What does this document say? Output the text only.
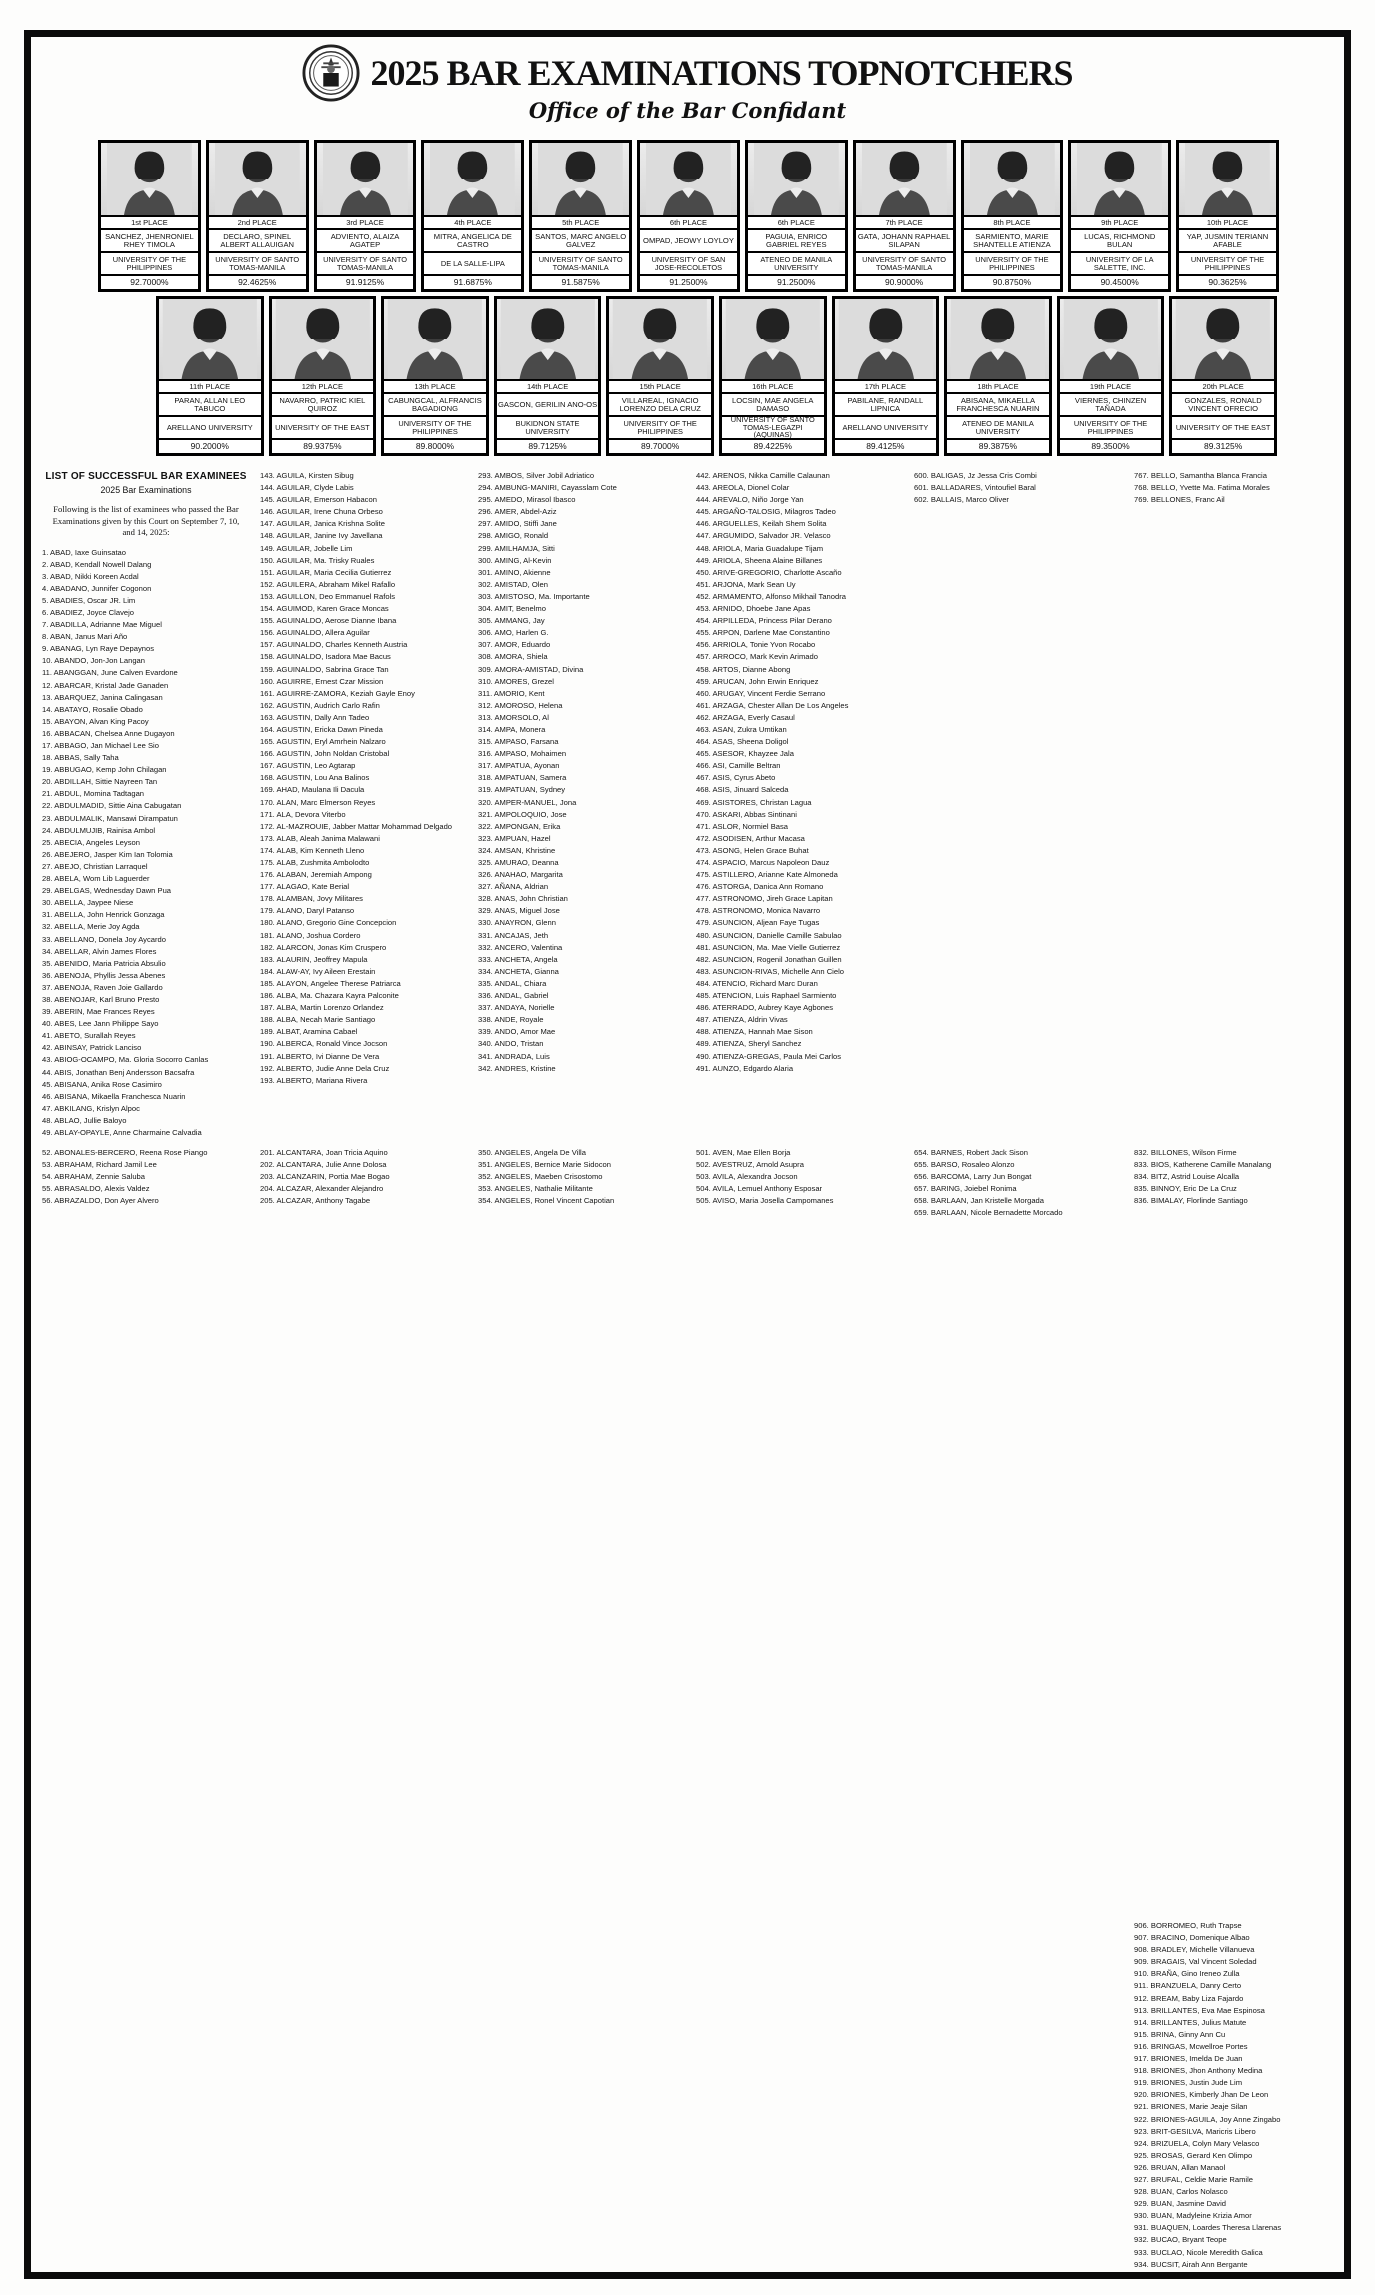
2025 BAR EXAMINATIONS TOPNOTCHERS
Office of the Bar Confidant
1st PLACE
SANCHEZ, JHENRONIEL RHEY TIMOLA
UNIVERSITY OF THE PHILIPPINES
92.7000%
2nd PLACE
DECLARO, SPINEL ALBERT ALLAUIGAN
UNIVERSITY OF SANTO TOMAS-MANILA
92.4625%
3rd PLACE
ADVIENTO, ALAIZA AGATEP
UNIVERSITY OF SANTO TOMAS-MANILA
91.9125%
4th PLACE
MITRA, ANGELICA DE CASTRO
DE LA SALLE-LIPA
91.6875%
5th PLACE
SANTOS, MARC ANGELO GALVEZ
UNIVERSITY OF SANTO TOMAS-MANILA
91.5875%
6th PLACE
OMPAD, JEOWY LOYLOY
UNIVERSITY OF SAN JOSE-RECOLETOS
91.2500%
6th PLACE
PAGUIA, ENRICO GABRIEL REYES
ATENEO DE MANILA UNIVERSITY
91.2500%
7th PLACE
GATA, JOHANN RAPHAEL SILAPAN
UNIVERSITY OF SANTO TOMAS-MANILA
90.9000%
8th PLACE
SARMIENTO, MARIE SHANTELLE ATIENZA
UNIVERSITY OF THE PHILIPPINES
90.8750%
9th PLACE
LUCAS, RICHMOND BULAN
UNIVERSITY OF LA SALETTE, INC.
90.4500%
10th PLACE
YAP, JUSMIN TERIANN AFABLE
UNIVERSITY OF THE PHILIPPINES
90.3625%
11th PLACE
PARAN, ALLAN LEO TABUCO
ARELLANO UNIVERSITY
90.2000%
12th PLACE
NAVARRO, PATRIC KIEL QUIROZ
UNIVERSITY OF THE EAST
89.9375%
13th PLACE
CABUNGCAL, ALFRANCIS BAGADIONG
UNIVERSITY OF THE PHILIPPINES
89.8000%
14th PLACE
GASCON, GERILIN ANO-OS
BUKIDNON STATE UNIVERSITY
89.7125%
15th PLACE
VILLAREAL, IGNACIO LORENZO DELA CRUZ
UNIVERSITY OF THE PHILIPPINES
89.7000%
16th PLACE
LOCSIN, MAE ANGELA DAMASO
UNIVERSITY OF SANTO TOMAS-LEGAZPI (AQUINAS)
89.4225%
17th PLACE
PABILANE, RANDALL LIPNICA
ARELLANO UNIVERSITY
89.4125%
18th PLACE
ABISANA, MIKAELLA FRANCHESCA NUARIN
ATENEO DE MANILA UNIVERSITY
89.3875%
19th PLACE
VIERNES, CHINZEN TAÑADA
UNIVERSITY OF THE PHILIPPINES
89.3500%
20th PLACE
GONZALES, RONALD VINCENT OFRECIO
UNIVERSITY OF THE EAST
89.3125%
LIST OF SUCCESSFUL BAR EXAMINEES
2025 Bar Examinations
Following is the list of examinees who passed the Bar Examinations given by this Court on September 7, 10, and 14, 2025:
1. ABAD, Iaxe Guinsatao
2. ABAD, Kendall Nowell Dalang
3. ABAD, Nikki Koreen Acdal
4. ABADANO, Junnifer Cogonon
5. ABADIES, Oscar JR. Lim
6. ABADIEZ, Joyce Clavejo
7. ABADILLA, Adrianne Mae Miguel
8. ABAN, Janus Mari Año
9. ABANAG, Lyn Raye Depaynos
10. ABANDO, Jon-Jon Langan
11. ABANGGAN, June Calven Evardone
12. ABARCAR, Kristal Jade Ganaden
13. ABARQUEZ, Janina Calingasan
14. ABATAYO, Rosalie Obado
15. ABAYON, Alvan King Pacoy
16. ABBACAN, Chelsea Anne Dugayon
17. ABBAGO, Jan Michael Lee Sio
18. ABBAS, Sally Taha
19. ABBUGAO, Kemp John Chilagan
20. ABDILLAH, Sittie Nayreen Tan
21. ABDUL, Momina Tadtagan
22. ABDULMADID, Sittie Aina Cabugatan
23. ABDULMALIK, Mansawi Dirampatun
24. ABDULMUJIB, Rainisa Ambol
25. ABECIA, Angeles Leyson
26. ABEJERO, Jasper Kim Ian Tolomia
27. ABEJO, Christian Larraquel
28. ABELA, Wom Lib Laguerder
29. ABELGAS, Wednesday Dawn Pua
30. ABELLA, Jaypee Niese
31. ABELLA, John Henrick Gonzaga
32. ABELLA, Merie Joy Agda
33. ABELLANO, Donela Joy Aycardo
34. ABELLAR, Alvin James Flores
35. ABENIDO, Maria Patricia Absulio
36. ABENOJA, Phyllis Jessa Abenes
37. ABENOJA, Raven Joie Gallardo
38. ABENOJAR, Karl Bruno Presto
39. ABERIN, Mae Frances Reyes
40. ABES, Lee Jann Philippe Sayo
41. ABETO, Surallah Reyes
42. ABINSAY, Patrick Lanciso
43. ABIOG-OCAMPO, Ma. Gloria Socorro Canlas
44. ABIS, Jonathan Benj Andersson Bacsafra
45. ABISANA, Anika Rose Casimiro
46. ABISANA, Mikaella Franchesca Nuarin
47. ABKILANG, Krislyn Alpoc
48. ABLAO, Jullie Baloyo
49. ABLAY-OPAYLE, Anne Charmaine Calvadia
52. ABONALES-BERCERO, Reena Rose Piango
53. ABRAHAM, Richard Jamil Lee
54. ABRAHAM, Zennie Saluba
55. ABRASALDO, Alexis Valdez
56. ABRAZALDO, Don Ayer Alvero
143. AGUILA, Kirsten Sibug
144. AGUILAR, Clyde Labis
145. AGUILAR, Emerson Habacon
146. AGUILAR, Irene Chuna Orbeso
147. AGUILAR, Janica Krishna Solite
148. AGUILAR, Janine Ivy Javellana
149. AGUILAR, Jobelle Lim
150. AGUILAR, Ma. Trisky Ruales
151. AGUILAR, Maria Cecilia Gutierrez
152. AGUILERA, Abraham Mikel Rafallo
153. AGUILLON, Deo Emmanuel Rafols
154. AGUIMOD, Karen Grace Moncas
155. AGUINALDO, Aerose Dianne Ibana
156. AGUINALDO, Allera Aguilar
157. AGUINALDO, Charles Kenneth Austria
158. AGUINALDO, Isadora Mae Bacus
159. AGUINALDO, Sabrina Grace Tan
160. AGUIRRE, Ernest Czar Mission
161. AGUIRRE-ZAMORA, Keziah Gayle Enoy
162. AGUSTIN, Audrich Carlo Rafin
163. AGUSTIN, Dally Ann Tadeo
164. AGUSTIN, Ericka Dawn Pineda
165. AGUSTIN, Eryl Amrhein Nalzaro
166. AGUSTIN, John Noldan Cristobal
167. AGUSTIN, Leo Agtarap
168. AGUSTIN, Lou Ana Balinos
169. AHAD, Maulana Ili Dacula
170. ALAN, Marc Elmerson Reyes
171. ALA, Devora Viterbo
172. AL-MAZROUIE, Jabber Mattar Mohammad Delgado
173. ALAB, Aleah Janima Malawani
174. ALAB, Kim Kenneth Lleno
175. ALAB, Zushmita Ambolodto
176. ALABAN, Jeremiah Ampong
177. ALAGAO, Kate Berial
178. ALAMBAN, Jovy Militares
179. ALANO, Daryl Patanso
180. ALANO, Gregorio Gine Concepcion
181. ALANO, Joshua Cordero
182. ALARCON, Jonas Kim Cruspero
183. ALAURIN, Jeoffrey Mapula
184. ALAW-AY, Ivy Aileen Erestain
185. ALAYON, Angelee Therese Patriarca
186. ALBA, Ma. Chazara Kayra Palconite
187. ALBA, Martin Lorenzo Orlandez
188. ALBA, Necah Marie Santiago
189. ALBAT, Aramina Cabael
190. ALBERCA, Ronald Vince Jocson
191. ALBERTO, Ivi Dianne De Vera
192. ALBERTO, Judie Anne Dela Cruz
193. ALBERTO, Mariana Rivera
201. ALCANTARA, Joan Tricia Aquino
202. ALCANTARA, Julie Anne Dolosa
203. ALCANZARIN, Portia Mae Bogao
204. ALCAZAR, Alexander Alejandro
205. ALCAZAR, Anthony Tagabe
293. AMBOS, Silver Jobil Adriatico
294. AMBUNG-MANIRI, Cayasslam Cote
295. AMEDO, Mirasol Ibasco
296. AMER, Abdel-Aziz
297. AMIDO, Stiffi Jane
298. AMIGO, Ronald
299. AMILHAMJA, Sitti
300. AMING, Al-Kevin
301. AMINO, Akienne
302. AMISTAD, Olen
303. AMISTOSO, Ma. Importante
304. AMIT, Benelmo
305. AMMANG, Jay
306. AMO, Harlen G.
307. AMOR, Eduardo
308. AMORA, Shiela
309. AMORA-AMISTAD, Divina
310. AMORES, Grezel
311. AMORIO, Kent
312. AMOROSO, Helena
313. AMORSOLO, Al
314. AMPA, Monera
315. AMPASO, Farsana
316. AMPASO, Mohaimen
317. AMPATUA, Ayonan
318. AMPATUAN, Samera
319. AMPATUAN, Sydney
320. AMPER-MANUEL, Jona
321. AMPOLOQUIO, Jose
322. AMPONGAN, Erika
323. AMPUAN, Hazel
324. AMSAN, Khristine
325. AMURAO, Deanna
326. ANAHAO, Margarita
327. AÑANA, Aldrian
328. ANAS, John Christian
329. ANAS, Miguel Jose
330. ANAYRON, Glenn
331. ANCAJAS, Jeth
332. ANCERO, Valentina
333. ANCHETA, Angela
334. ANCHETA, Gianna
335. ANDAL, Chiara
336. ANDAL, Gabriel
337. ANDAYA, Norielle
338. ANDE, Royale
339. ANDO, Amor Mae
340. ANDO, Tristan
341. ANDRADA, Luis
342. ANDRES, Kristine
350. ANGELES, Angela De Villa
351. ANGELES, Bernice Marie Sidocon
352. ANGELES, Maeben Crisostomo
353. ANGELES, Nathalie Militante
354. ANGELES, Ronel Vincent Capotian
442. ARENOS, Nikka Camille Calaunan
443. AREOLA, Dionel Colar
444. AREVALO, Niño Jorge Yan
445. ARGAÑO-TALOSIG, Milagros Tadeo
446. ARGUELLES, Keilah Shem Solita
447. ARGUMIDO, Salvador JR. Velasco
448. ARIOLA, Maria Guadalupe Tijam
449. ARIOLA, Sheena Alaine Billanes
450. ARIVE-GREGORIO, Charlotte Ascaño
451. ARJONA, Mark Sean Uy
452. ARMAMENTO, Alfonso Mikhail Tanodra
453. ARNIDO, Dhoebe Jane Apas
454. ARPILLEDA, Princess Pilar Derano
455. ARPON, Darlene Mae Constantino
456. ARRIOLA, Tonie Yvon Rocabo
457. ARROCO, Mark Kevin Arimado
458. ARTOS, Dianne Abong
459. ARUCAN, John Erwin Enriquez
460. ARUGAY, Vincent Ferdie Serrano
461. ARZAGA, Chester Allan De Los Angeles
462. ARZAGA, Everly Casaul
463. ASAN, Zukra Umtikan
464. ASAS, Sheena Doligol
465. ASESOR, Khayzee Jala
466. ASI, Camille Beltran
467. ASIS, Cyrus Abeto
468. ASIS, Jinuard Salceda
469. ASISTORES, Christan Lagua
470. ASKARI, Abbas Sintinani
471. ASLOR, Normiel Basa
472. ASODISEN, Arthur Macasa
473. ASONG, Helen Grace Buhat
474. ASPACIO, Marcus Napoleon Dauz
475. ASTILLERO, Arianne Kate Almoneda
476. ASTORGA, Danica Ann Romano
477. ASTRONOMO, Jireh Grace Lapitan
478. ASTRONOMO, Monica Navarro
479. ASUNCION, Aljean Faye Tugas
480. ASUNCION, Danielle Camille Sabulao
481. ASUNCION, Ma. Mae Vielle Gutierrez
482. ASUNCION, Rogenil Jonathan Guillen
483. ASUNCION-RIVAS, Michelle Ann Cielo
484. ATENCIO, Richard Marc Duran
485. ATENCION, Luis Raphael Sarmiento
486. ATERRADO, Aubrey Kaye Agbones
487. ATIENZA, Aldrin Vivas
488. ATIENZA, Hannah Mae Sison
489. ATIENZA, Sheryl Sanchez
490. ATIENZA-GREGAS, Paula Mei Carlos
491. AUNZO, Edgardo Alaria
501. AVEN, Mae Ellen Borja
502. AVESTRUZ, Arnold Asupra
503. AVILA, Alexandra Jocson
504. AVILA, Lemuel Anthony Esposar
505. AVISO, Maria Josella Campomanes
600. BALIGAS, Jz Jessa Cris Combi
601. BALLADARES, Vintoufiel Baral
602. BALLAIS, Marco Oliver
654. BARNES, Robert Jack Sison
655. BARSO, Rosaleo Alonzo
656. BARCOMA, Larry Jun Bongat
657. BARING, Joiebel Ronima
658. BARLAAN, Jan Kristelle Morgada
659. BARLAAN, Nicole Bernadette Morcado
767. BELLO, Samantha Blanca Francia
768. BELLO, Yvette Ma. Fatima Morales
769. BELLONES, Franc Ail
832. BILLONES, Wilson Firme
833. BIOS, Katherene Camille Manalang
834. BITZ, Astrid Louise Alcalla
835. BINNOY, Eric De La Cruz
836. BIMALAY, Florlinde Santiago
906. BORROMEO, Ruth Trapse
907. BRACINO, Domenique Albao
908. BRADLEY, Michelle Villanueva
909. BRAGAIS, Val Vincent Soledad
910. BRAÑA, Gino Ireneo Zulla
911. BRANZUELA, Danry Certo
912. BREAM, Baby Liza Fajardo
913. BRILLANTES, Eva Mae Espinosa
914. BRILLANTES, Julius Matute
915. BRINA, Ginny Ann Cu
916. BRINGAS, Mcwellroe Portes
917. BRIONES, Imelda De Juan
918. BRIONES, Jhon Anthony Medina
919. BRIONES, Justin Jude Lim
920. BRIONES, Kimberly Jhan De Leon
921. BRIONES, Marie Jeaje Silan
922. BRIONES-AGUILA, Joy Anne Zingabo
923. BRIT-GESILVA, Maricris Libero
924. BRIZUELA, Colyn Mary Velasco
925. BROSAS, Gerard Ken Olimpo
926. BRUAN, Allan Manaol
927. BRUFAL, Celdie Marie Ramile
928. BUAN, Carlos Nolasco
929. BUAN, Jasmine David
930. BUAN, Madyleine Krizia Amor
931. BUAQUEN, Loardes Theresa Llarenas
932. BUCAO, Bryant Teope
933. BUCLAO, Nicole Meredith Galica
934. BUCSIT, Airah Ann Bergante
